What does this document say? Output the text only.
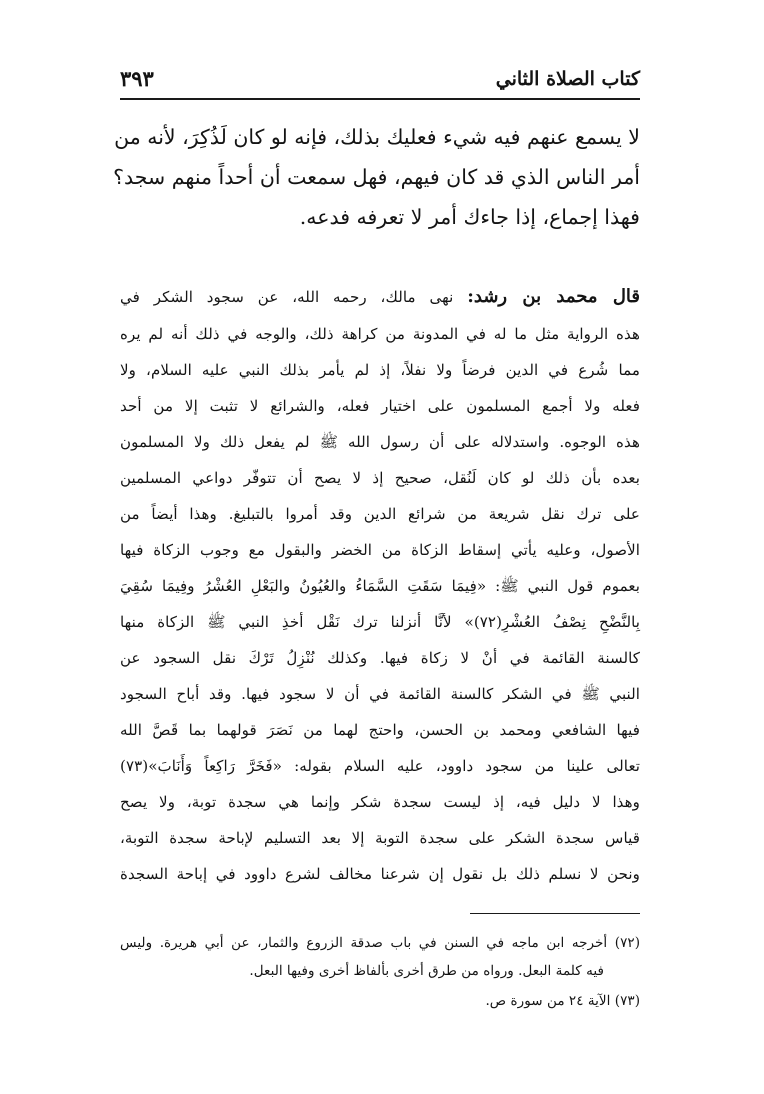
كتاب الصلاة الثاني
٣٩٣
لا يسمع عنهم فيه شيء فعليك بذلك، فإنه لو كان لَذُكِرَ، لأنه من
أمر الناس الذي قد كان فيهم، فهل سمعت أن أحداً منهم سجد؟
فهذا إجماع، إذا جاءك أمر لا تعرفه فدعه.
قال محمد بن رشد: نهى مالك، رحمه الله، عن سجود الشكر في
هذه الرواية مثل ما له في المدونة من كراهة ذلك، والوجه في ذلك أنه لم يره
مما شُرع في الدين فرضاً ولا نفلاً، إذ لم يأمر بذلك النبي عليه السلام، ولا
فعله ولا أجمع المسلمون على اختيار فعله، والشرائع لا تثبت إلا من أحد
هذه الوجوه. واستدلاله على أن رسول الله ﷺ لم يفعل ذلك ولا المسلمون
بعده بأن ذلك لو كان لَنُقل، صحيح إذ لا يصح أن تتوفّر دواعي المسلمين
على ترك نقل شريعة من شرائع الدين وقد أمروا بالتبليغ. وهذا أيضاً من
الأصول، وعليه يأتي إسقاط الزكاة من الخضر والبقول مع وجوب الزكاة فيها
بعموم قول النبي ﷺ: «فِيمَا سَقَتِ السَّمَاءُ والعُيُونُ والبَعْلِ العُشْرُ وفِيمَا سُقِيَ
بِالنَّضْحِ نِصْفُ العُشْرِ(٧٢)» لأنَّا أنزلنا ترك نَقْل أخذِ النبي ﷺ الزكاة منها
كالسنة القائمة في أنْ لا زكاة فيها. وكذلك نُنْزِلُ تَرْكَ نقل السجود عن
النبي ﷺ في الشكر كالسنة القائمة في أن لا سجود فيها. وقد أباح السجود
فيها الشافعي ومحمد بن الحسن، واحتج لهما من نَصَرَ قولهما بما قَصَّ الله
تعالى علينا من سجود داوود، عليه السلام بقوله: «فَخَرَّ رَاكِعاً وَأَنَابَ»(٧٣)
وهذا لا دليل فيه، إذ ليست سجدة شكر وإنما هي سجدة توبة، ولا يصح
قياس سجدة الشكر على سجدة التوبة إلا بعد التسليم لإباحة سجدة التوبة،
ونحن لا نسلم ذلك بل نقول إن شرعنا مخالف لشرع داوود في إباحة السجدة
(٧٢) أخرجه ابن ماجه في السنن في باب صدقة الزروع والثمار، عن أبي هريرة. وليس
فيه كلمة البعل. ورواه من طرق أخرى بألفاظ أخرى وفيها البعل.
(٧٣) الآية ٢٤ من سورة ص.
